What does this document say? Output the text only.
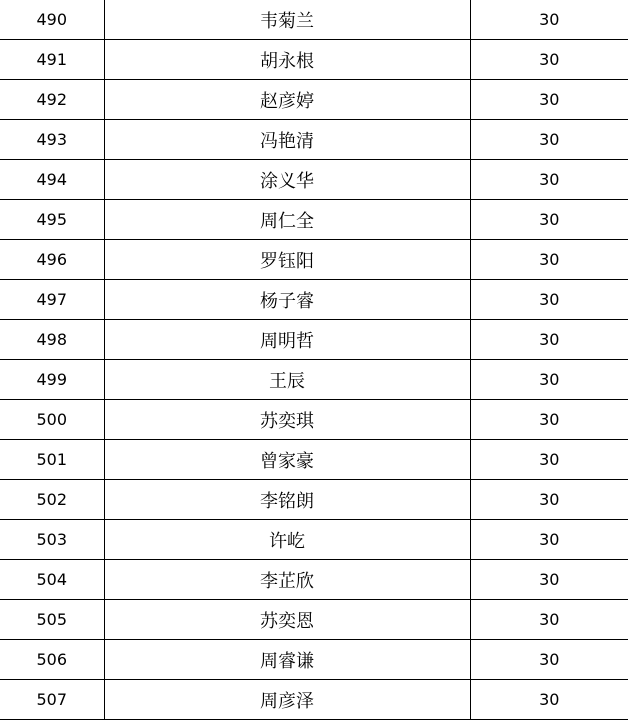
490	韦菊兰	30
491	胡永根	30
492	赵彦婷	30
493	冯艳清	30
494	涂义华	30
495	周仁全	30
496	罗钰阳	30
497	杨子睿	30
498	周明哲	30
499	王辰	30
500	苏奕琪	30
501	曾家豪	30
502	李铭朗	30
503	许屹	30
504	李芷欣	30
505	苏奕恩	30
506	周睿谦	30
507	周彦泽	30
